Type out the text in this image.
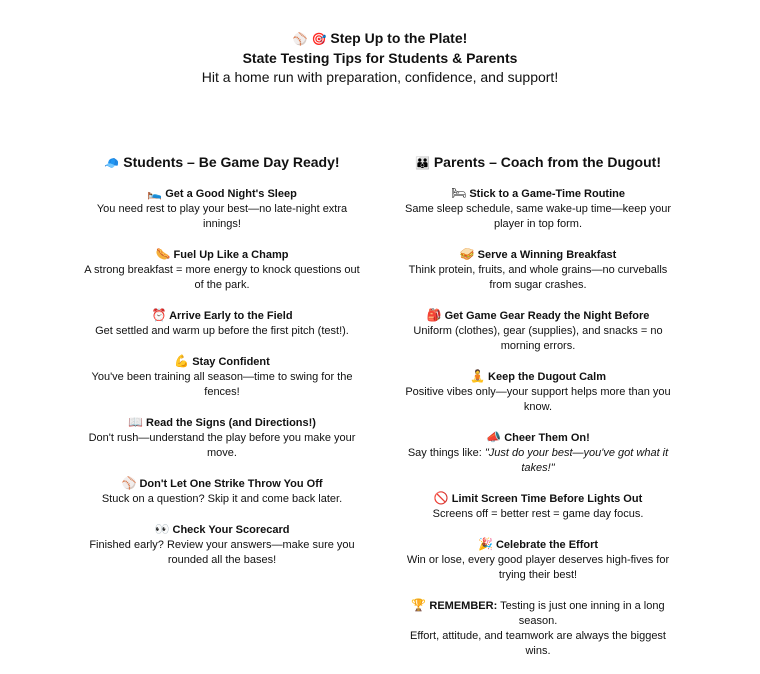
⚾ 🎯 Step Up to the Plate!
State Testing Tips for Students & Parents
Hit a home run with preparation, confidence, and support!
🧢 Students – Be Game Day Ready!
🛌 Get a Good Night's Sleep
You need rest to play your best—no late-night extra innings!
🌭 Fuel Up Like a Champ
A strong breakfast = more energy to knock questions out of the park.
⏰ Arrive Early to the Field
Get settled and warm up before the first pitch (test!).
💪 Stay Confident
You've been training all season—time to swing for the fences!
📖 Read the Signs (and Directions!)
Don't rush—understand the play before you make your move.
⚾ Don't Let One Strike Throw You Off
Stuck on a question? Skip it and come back later.
👀 Check Your Scorecard
Finished early? Review your answers—make sure you rounded all the bases!
👪 Parents – Coach from the Dugout!
🛏 Stick to a Game-Time Routine
Same sleep schedule, same wake-up time—keep your player in top form.
🥪 Serve a Winning Breakfast
Think protein, fruits, and whole grains—no curveballs from sugar crashes.
🎒 Get Game Gear Ready the Night Before
Uniform (clothes), gear (supplies), and snacks = no morning errors.
🧘 Keep the Dugout Calm
Positive vibes only—your support helps more than you know.
📣 Cheer Them On!
Say things like: "Just do your best—you've got what it takes!"
🚫 Limit Screen Time Before Lights Out
Screens off = better rest = game day focus.
🎉 Celebrate the Effort
Win or lose, every good player deserves high-fives for trying their best!
🏆 REMEMBER: Testing is just one inning in a long season.
Effort, attitude, and teamwork are always the biggest wins.
